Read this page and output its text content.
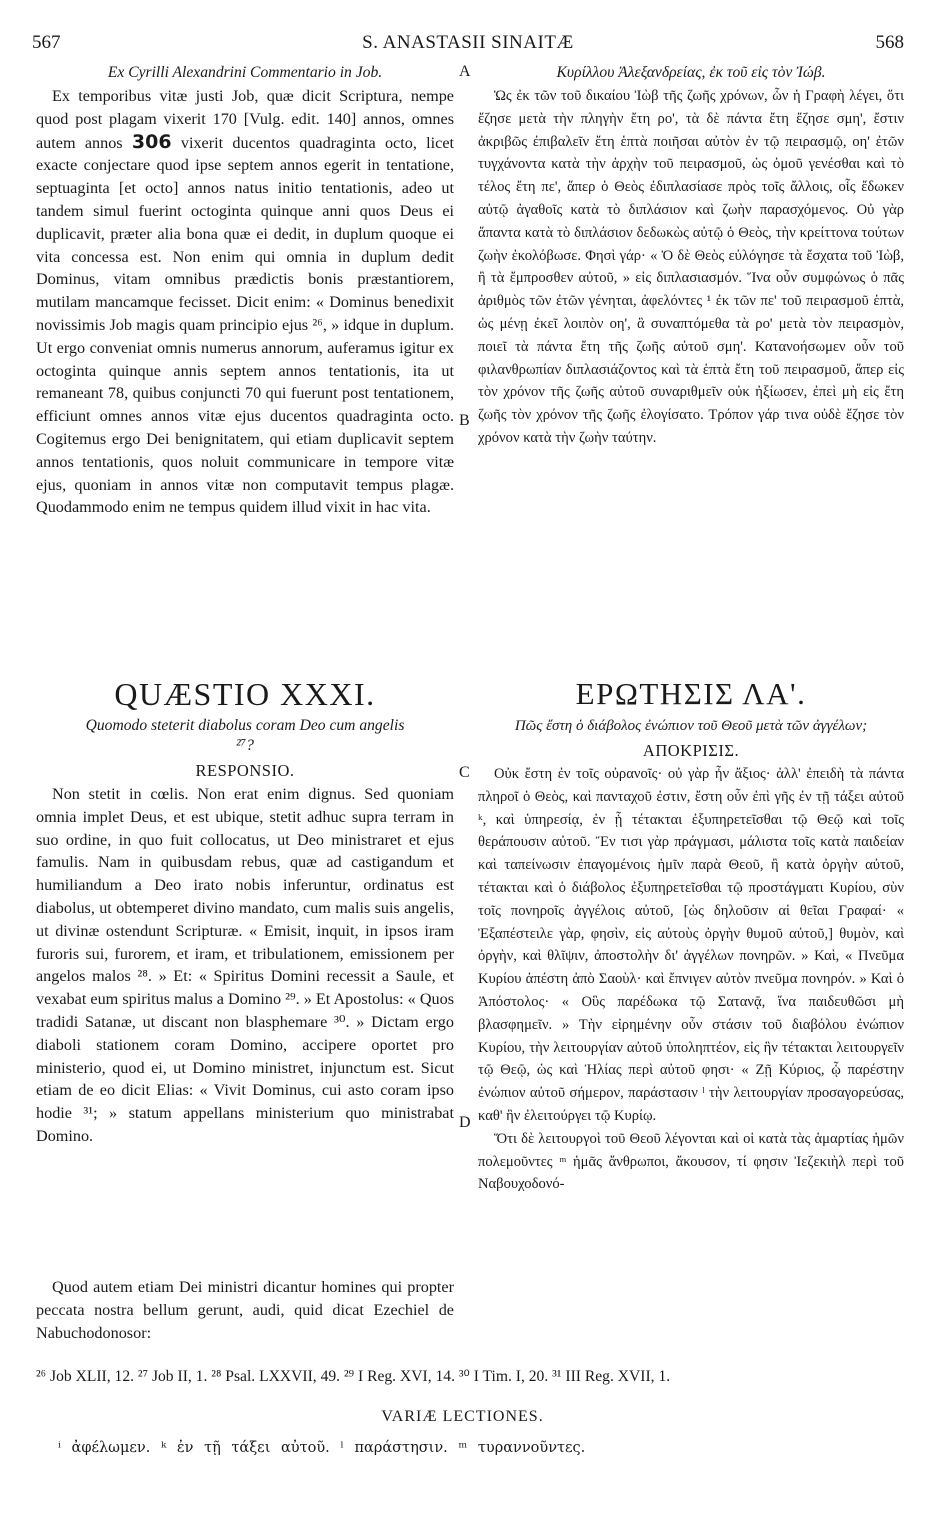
567	S. ANASTASII SINAITÆ	568
Ex Cyrilli Alexandrini Commentario in Job.

Ex temporibus vitæ justi Job, quæ dicit Scriptura, nempe quod post plagam vixerit 170 [Vulg. edit. 140] annos, omnes autem annos 306 vixerit ducentos quadraginta octo, licet exacte conjectare quod ipse septem annos egerit in tentatione, septuaginta [et octo] annos natus initio tentationis, adeo ut tandem simul fuerint octoginta quinque anni quos Deus ei duplicavit, præter alia bona quæ ei dedit, in duplum quoque ei vita concessa est. Non enim qui omnia in duplum dedit Dominus, vitam omnibus prædictis bonis præstantiorem, mutilam mancamque fecisset. Dicit enim: « Dominus benedixit novissimis Job magis quam principio ejus ²⁶, » idque in duplum. Ut ergo conveniat omnis numerus annorum, auferamus igitur ex octoginta quinque annis septem annos tentationis, ita ut remaneant 78, quibus conjuncti 70 qui fuerunt post tentationem, efficiunt omnes annos vitæ ejus ducentos quadraginta octo. Cogitemus ergo Dei benignitatem, qui etiam duplicavit septem annos tentationis, quos noluit communicare in tempore vitæ ejus, quoniam in annos vitæ non computavit tempus plagæ. Quodammodo enim ne tempus quidem illud vixit in hac vita.

QUÆSTIO XXXI.
Quomodo steterit diabolus coram Deo cum angelis ²⁷?
RESPONSIO.

Non stetit in cœlis. Non erat enim dignus. Sed quoniam omnia implet Deus, et est ubique, stetit adhuc supra terram in suo ordine, in quo fuit collocatus, ut Deo ministraret et ejus famulis. Nam in quibusdam rebus, quæ ad castigandum et humiliandum a Deo irato nobis inferuntur, ordinatus est diabolus, ut obtemperet divino mandato, cum malis suis angelis, ut divinæ ostendunt Scripturæ. « Emisit, inquit, in ipsos iram furoris sui, furorem, et iram, et tribulationem, emissionem per angelos malos ²⁸. » Et: « Spiritus Domini recessit a Saule, et vexabat eum spiritus malus a Domino ²⁹. » Et Apostolus: « Quos tradidi Satanæ, ut discant non blasphemare ³⁰. » Dictam ergo diaboli stationem coram Domino, accipere oportet pro ministerio, quod ei, ut Domino ministret, injunctum est. Sicut etiam de eo dicit Elias: « Vivit Dominus, cui asto coram ipso hodie ³¹; » statum appellans ministerium quo ministrabat Domino.

Quod autem etiam Dei ministri dicantur homines qui propter peccata nostra bellum gerunt, audi, quid dicat Ezechiel de Nabuchodonosor:

A
B
C
D
Κυρίλλου Ἀλεξανδρείας, ἐκ τοῦ εἰς τὸν Ἰώβ.

Ὡς ἐκ τῶν τοῦ δικαίου Ἰὼβ τῆς ζωῆς χρόνων, ὧν ἡ Γραφὴ λέγει, ὅτι ἔζησε μετὰ τὴν πληγὴν ἔτη ρο', τὰ δὲ πάντα ἔτη ἔζησε σμη', ἔστιν ἀκριβῶς ἐπιβαλεῖν ἔτη ἑπτὰ ποιῆσαι αὐτὸν ἐν τῷ πειρασμῷ, οη' ἐτῶν τυγχάνοντα κατὰ τὴν ἀρχὴν τοῦ πειρασμοῦ, ὡς ὁμοῦ γενέσθαι καὶ τὸ τέλος ἔτη πε', ἅπερ ὁ Θεὸς ἐδιπλασίασε πρὸς τοῖς ἄλλοις, οἷς ἔδωκεν αὐτῷ ἀγαθοῖς κατὰ τὸ διπλάσιον καὶ ζωὴν παρασχόμενος. Οὐ γὰρ ἅπαντα κατὰ τὸ διπλάσιον δεδωκὼς αὐτῷ ὁ Θεὸς, τὴν κρείττονα τούτων ζωὴν ἐκολόβωσε. Φησὶ γάρ· « Ὁ δὲ Θεὸς εὐλόγησε τὰ ἔσχατα τοῦ Ἰὼβ, ἢ τὰ ἔμπροσθεν αὐτοῦ, » εἰς διπλασιασμόν. Ἵνα οὖν συμφώνως ὁ πᾶς ἀριθμὸς τῶν ἐτῶν γένηται, ἀφελόντες ¹ ἐκ τῶν πε' τοῦ πειρασμοῦ ἑπτὰ, ὡς μένῃ ἐκεῖ λοιπὸν οη', ἃ συναπτόμεθα τὰ ρο' μετὰ τὸν πειρασμὸν, ποιεῖ τὰ πάντα ἔτη τῆς ζωῆς αὐτοῦ σμη'. Κατανοήσωμεν οὖν τοῦ φιλανθρωπίαν διπλασιάζοντος καὶ τὰ ἑπτὰ ἔτη τοῦ πειρασμοῦ, ἅπερ εἰς τὸν χρόνον τῆς ζωῆς αὐτοῦ συναριθμεῖν οὐκ ἠξίωσεν, ἐπεὶ μὴ εἰς ἔτη ζωῆς τὸν χρόνον τῆς ζωῆς ἐλογίσατο. Τρόπον γάρ τινα οὐδὲ ἔζησε τὸν χρόνον κατὰ τὴν ζωὴν ταύτην.

ΕΡΩΤΗΣΙΣ ΛΑ'.
Πῶς ἔστη ὁ διάβολος ἐνώπιον τοῦ Θεοῦ μετὰ τῶν ἀγγέλων;
ΑΠΟΚΡΙΣΙΣ.

Οὐκ ἔστη ἐν τοῖς οὐρανοῖς· οὐ γὰρ ἦν ἄξιος· ἀλλ' ἐπειδὴ τὰ πάντα πληροῖ ὁ Θεὸς, καὶ πανταχοῦ ἐστιν, ἔστη οὖν ἐπὶ γῆς ἐν τῇ τάξει αὐτοῦ ᵏ, καὶ ὑπηρεσίᾳ, ἐν ᾗ τέτακται ἐξυπηρετεῖσθαι τῷ Θεῷ καὶ τοῖς θεράπουσιν αὐτοῦ. Ἔν τισι γὰρ πράγμασι, μάλιστα τοῖς κατὰ παιδείαν καὶ ταπείνωσιν ἐπαγομένοις ἡμῖν παρὰ Θεοῦ, ἢ κατὰ ὀργὴν αὐτοῦ, τέτακται καὶ ὁ διάβολος ἐξυπηρετεῖσθαι τῷ προστάγματι Κυρίου, σὺν τοῖς πονηροῖς ἀγγέλοις αὐτοῦ, [ὡς δηλοῦσιν αἱ θεῖαι Γραφαί· « Ἐξαπέστειλε γὰρ, φησὶν, εἰς αὐτοὺς ὀργὴν θυμοῦ αὐτοῦ,] θυμὸν, καὶ ὀργὴν, καὶ θλῖψιν, ἀποστολὴν δι' ἀγγέλων πονηρῶν. » Καὶ, « Πνεῦμα Κυρίου ἀπέστη ἀπὸ Σαοὺλ· καὶ ἔπνιγεν αὐτὸν πνεῦμα πονηρόν. » Καὶ ὁ Ἀπόστολος· « Οὓς παρέδωκα τῷ Σατανᾷ, ἵνα παιδευθῶσι μὴ βλασφημεῖν. » Τὴν εἰρημένην οὖν στάσιν τοῦ διαβόλου ἐνώπιον Κυρίου, τὴν λειτουργίαν αὐτοῦ ὑποληπτέον, εἰς ἣν τέτακται λειτουργεῖν τῷ Θεῷ, ὡς καὶ Ἠλίας περὶ αὐτοῦ φησι· « Ζῇ Κύριος, ᾧ παρέστην ἐνώπιον αὐτοῦ σήμερον, παράστασιν ˡ τὴν λειτουργίαν προσαγορεύσας, καθ' ἣν ἐλειτούργει τῷ Κυρίῳ.

Ὅτι δὲ λειτουργοὶ τοῦ Θεοῦ λέγονται καὶ οἱ κατὰ τὰς ἁμαρτίας ἡμῶν πολεμοῦντες ᵐ ἡμᾶς ἄνθρωποι, ἄκουσον, τί φησιν Ἰεζεκιὴλ περὶ τοῦ Ναβουχοδονό-

²⁶ Job XLII, 12. ²⁷ Job II, 1. ²⁸ Psal. LXXVII, 49. ²⁹ I Reg. XVI, 14. ³⁰ I Tim. I, 20. ³¹ III Reg. XVII, 1.
VARIÆ LECTIONES.
ⁱ ἀφέλωμεν. ᵏ ἐν τῇ τάξει αὐτοῦ. ˡ παράστησιν. ᵐ τυραννοῦντες.
